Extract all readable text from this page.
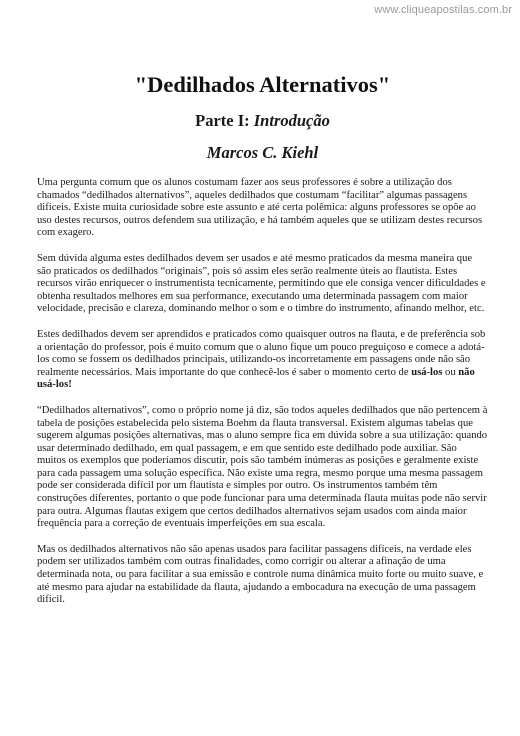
www.cliqueapostilas.com.br
"Dedilhados Alternativos"
Parte I: Introdução
Marcos C. Kiehl

Uma pergunta comum que os alunos costumam fazer aos seus professores é sobre a utilização dos chamados “dedilhados alternativos”, aqueles dedilhados que costumam “facilitar” algumas passagens difíceis. Existe muita curiosidade sobre este assunto e até certa polêmica: alguns professores se opõe ao uso destes recursos, outros defendem sua utilização, e há também aqueles que se utilizam destes recursos com exagero.

Sem dúvida alguma estes dedilhados devem ser usados e até mesmo praticados da mesma maneira que são praticados os dedilhados “originais”, pois só assim eles serão realmente úteis ao flautista. Estes recursos virão enriquecer o instrumentista tecnicamente, permitindo que ele consiga vencer dificuldades e obtenha resultados melhores em sua performance, executando uma determinada passagem com maior velocidade, precisão e clareza, dominando melhor o som e o timbre do instrumento, afinando melhor, etc.

Estes dedilhados devem ser aprendidos e praticados como quaisquer outros na flauta, e de preferência sob a orientação do professor, pois é muito comum que o aluno fique um pouco preguiçoso e comece a adotá-los como se fossem os dedilhados principais, utilizando-os incorretamente em passagens onde não são realmente necessários. Mais importante do que conhecê-los é saber o momento certo de usá-los ou não usá-los!

“Dedilhados alternativos”, como o próprio nome já diz, são todos aqueles dedilhados que não pertencem à tabela de posições estabelecida pelo sistema Boehm da flauta transversal. Existem algumas tabelas que sugerem algumas posições alternativas, mas o aluno sempre fica em dúvida sobre a sua utilização: quando usar determinado dedilhado, em qual passagem, e em que sentido este dedilhado pode auxiliar. São muitos os exemplos que poderíamos discutir, pois são também inúmeras as posições e geralmente existe para cada passagem uma solução específica. Não existe uma regra, mesmo porque uma mesma passagem pode ser considerada difícil por um flautista e simples por outro. Os instrumentos também têm construções diferentes, portanto o que pode funcionar para uma determinada flauta muitas pode não servir para outra. Algumas flautas exigem que certos dedilhados alternativos sejam usados com ainda maior frequência para a correção de eventuais imperfeições em sua escala.

Mas os dedilhados alternativos não são apenas usados para facilitar passagens difíceis, na verdade eles podem ser utilizados também com outras finalidades, como corrigir ou alterar a afinação de uma determinada nota, ou para facilitar a sua emissão e controle numa dinâmica muito forte ou muito suave, e até mesmo para ajudar na estabilidade da flauta, ajudando a embocadura na execução de uma passagem difícil.
